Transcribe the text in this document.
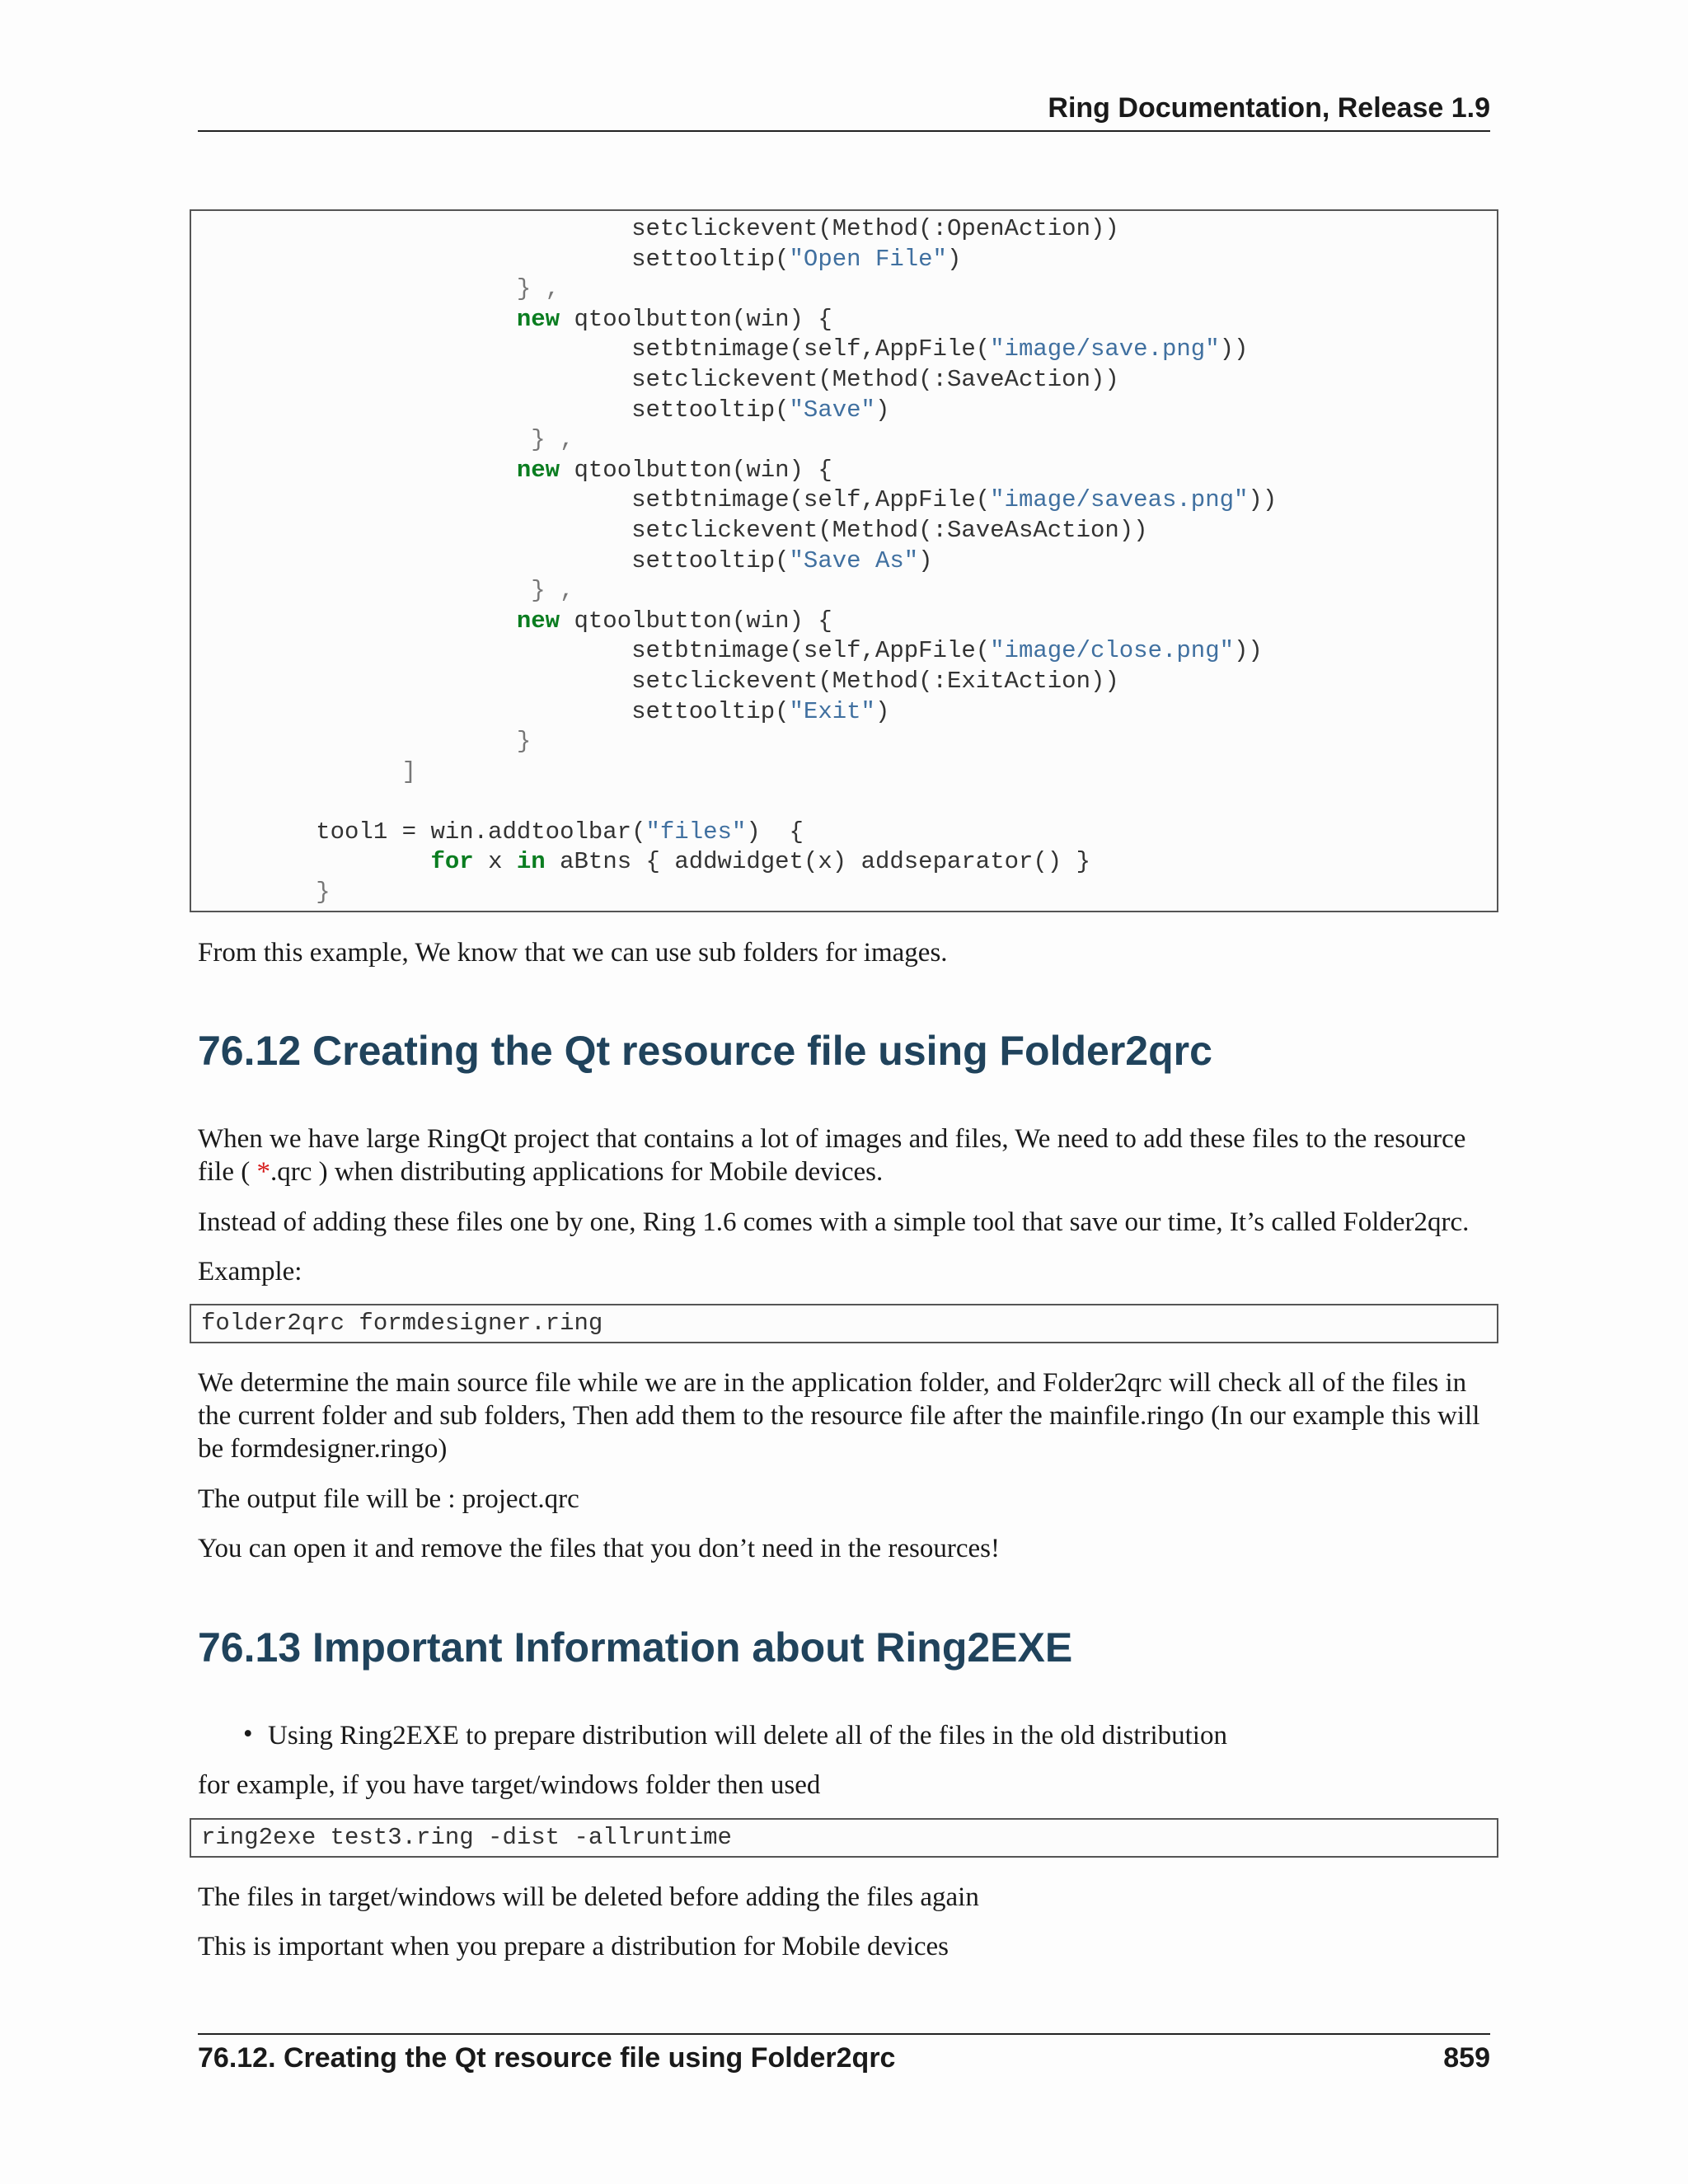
Ring Documentation, Release 1.9
setclickevent(Method(:OpenAction))
settooltip("Open File")
} ,
new qtoolbutton(win) {
setbtnimage(self,AppFile("image/save.png"))
setclickevent(Method(:SaveAction))
settooltip("Save")
} ,
new qtoolbutton(win) {
setbtnimage(self,AppFile("image/saveas.png"))
setclickevent(Method(:SaveAsAction))
settooltip("Save As")
} ,
new qtoolbutton(win) {
setbtnimage(self,AppFile("image/close.png"))
setclickevent(Method(:ExitAction))
settooltip("Exit")
}
]
tool1 = win.addtoolbar("files")  {
for x in aBtns { addwidget(x) addseparator() }
}

From this example, We know that we can use sub folders for images.

76.12 Creating the Qt resource file using Folder2qrc

When we have large RingQt project that contains a lot of images and files, We need to add these files to the resource file ( *.qrc ) when distributing applications for Mobile devices.

Instead of adding these files one by one, Ring 1.6 comes with a simple tool that save our time, It’s called Folder2qrc.

Example:

folder2qrc formdesigner.ring

We determine the main source file while we are in the application folder, and Folder2qrc will check all of the files in the current folder and sub folders, Then add them to the resource file after the mainfile.ringo (In our example this will be formdesigner.ringo)

The output file will be : project.qrc

You can open it and remove the files that you don’t need in the resources!

76.13 Important Information about Ring2EXE
• Using Ring2EXE to prepare distribution will delete all of the files in the old distribution

for example, if you have target/windows folder then used

ring2exe test3.ring -dist -allruntime

The files in target/windows will be deleted before adding the files again

This is important when you prepare a distribution for Mobile devices

76.12. Creating the Qt resource file using Folder2qrc	859
